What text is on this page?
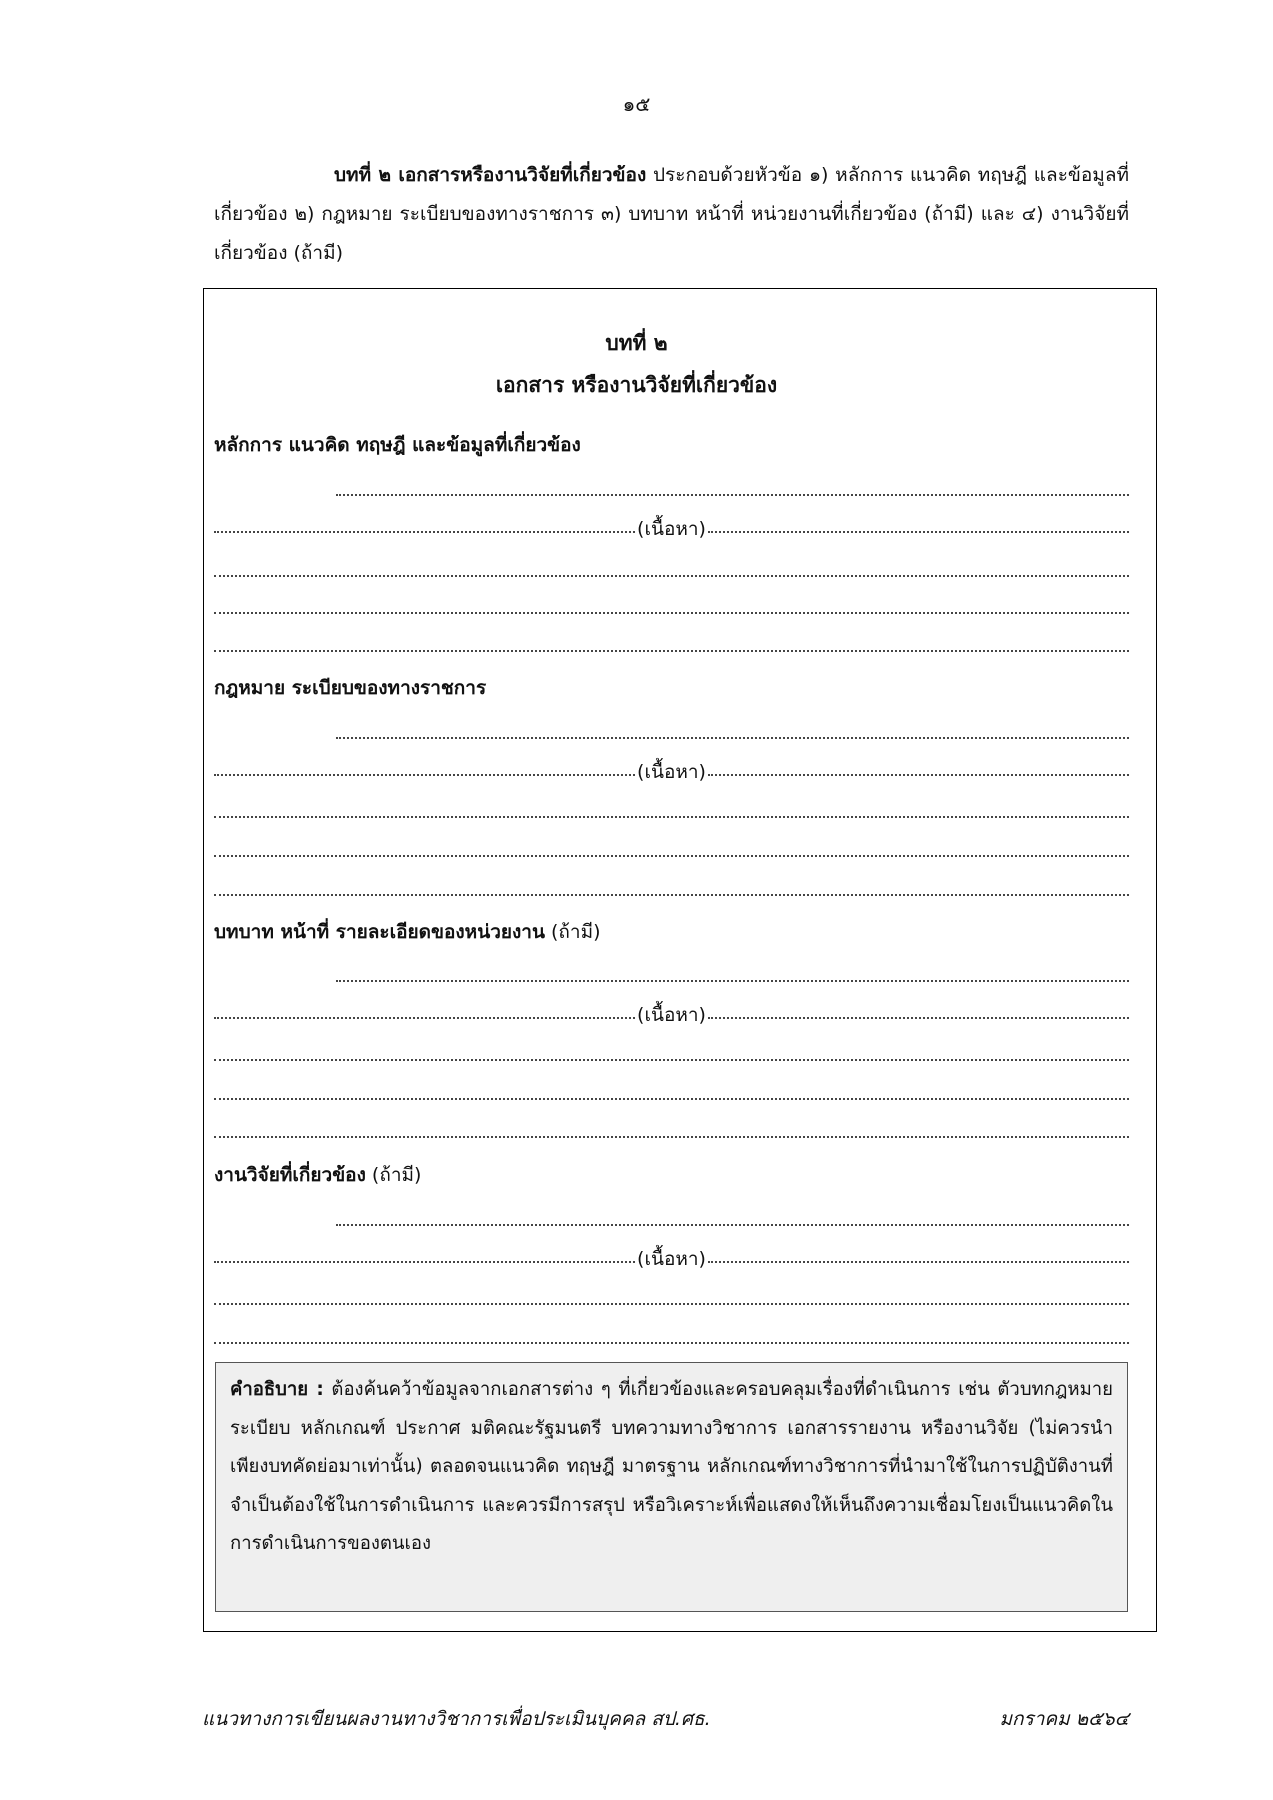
๑๕
บทที่ ๒ เอกสารหรืองานวิจัยที่เกี่ยวข้อง ประกอบด้วยหัวข้อ ๑) หลักการ แนวคิด ทฤษฎี และข้อมูลที่เกี่ยวข้อง ๒) กฎหมาย ระเบียบของทางราชการ ๓) บทบาท หน้าที่ หน่วยงานที่เกี่ยวข้อง (ถ้ามี) และ ๔) งานวิจัยที่เกี่ยวข้อง (ถ้ามี)
บทที่ ๒
เอกสาร หรืองานวิจัยที่เกี่ยวข้อง
หลักการ แนวคิด ทฤษฎี และข้อมูลที่เกี่ยวข้อง
(เนื้อหา)
กฎหมาย ระเบียบของทางราชการ
(เนื้อหา)
บทบาท หน้าที่ รายละเอียดของหน่วยงาน (ถ้ามี)
(เนื้อหา)
งานวิจัยที่เกี่ยวข้อง (ถ้ามี)
(เนื้อหา)
คำอธิบาย : ต้องค้นคว้าข้อมูลจากเอกสารต่าง ๆ ที่เกี่ยวข้องและครอบคลุมเรื่องที่ดำเนินการ เช่น ตัวบทกฎหมาย ระเบียบ หลักเกณฑ์ ประกาศ มติคณะรัฐมนตรี บทความทางวิชาการ เอกสารรายงาน หรืองานวิจัย (ไม่ควรนำเพียงบทคัดย่อมาเท่านั้น) ตลอดจนแนวคิด ทฤษฎี มาตรฐาน หลักเกณฑ์ทางวิชาการที่นำมาใช้ในการปฏิบัติงานที่จำเป็นต้องใช้ในการดำเนินการ และควรมีการสรุป หรือวิเคราะห์เพื่อแสดงให้เห็นถึงความเชื่อมโยงเป็นแนวคิดในการดำเนินการของตนเอง
แนวทางการเขียนผลงานทางวิชาการเพื่อประเมินบุคคล สป.ศธ.	มกราคม ๒๕๖๔
